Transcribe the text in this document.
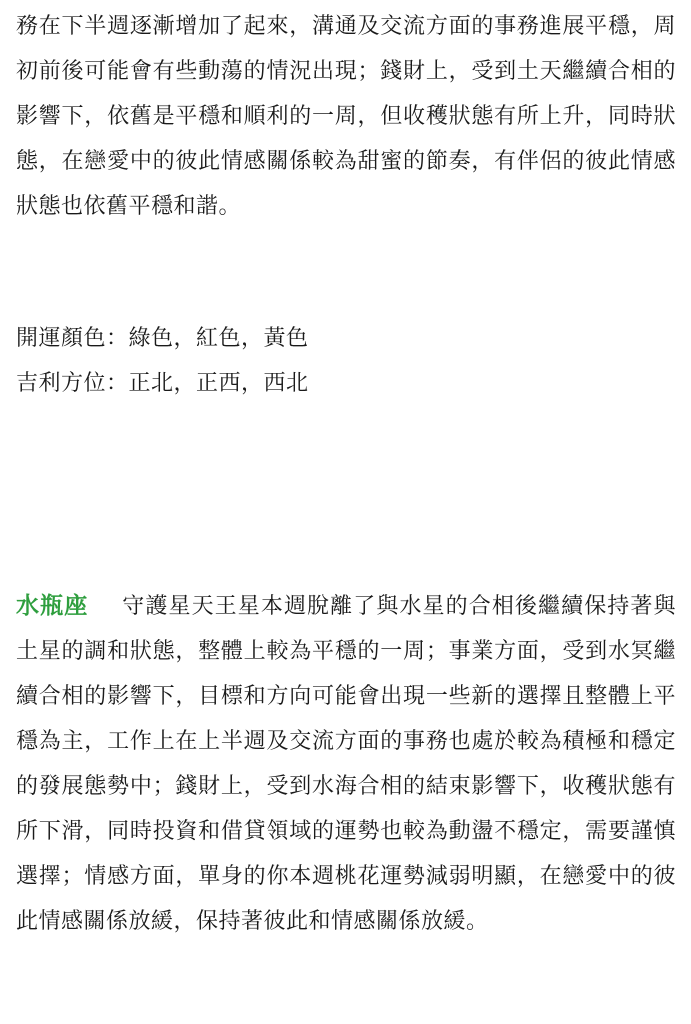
務在下半週逐漸增加了起來，溝通及交流方面的事務進展平穩，周初前後可能會有些動蕩的情況出現；錢財上，受到土天繼續合相的影響下，依舊是平穩和順利的一周，但收穫狀態有所上升，同時狀態，在戀愛中的彼此情感關係較為甜蜜的節奏，有伴侶的彼此情感狀態也依舊平穩和諧。

開運顏色：綠色，紅色，黃色

吉利方位：正北，正西，西北

水瓶座 守護星天王星本週脫離了與水星的合相後繼續保持著與土星的調和狀態，整體上較為平穩的一周；事業方面，受到水冥繼續合相的影響下，目標和方向可能會出現一些新的選擇且整體上平穩為主，工作上在上半週及交流方面的事務也處於較為積極和穩定的發展態勢中；錢財上，受到水海合相的結束影響下，收穫狀態有所下滑，同時投資和借貸領域的運勢也較為動盪不穩定，需要謹慎選擇；情感方面，單身的你本週桃花運勢減弱明顯，在戀愛中的彼此情感關係放緩，保持著彼此和情感關係放緩。
